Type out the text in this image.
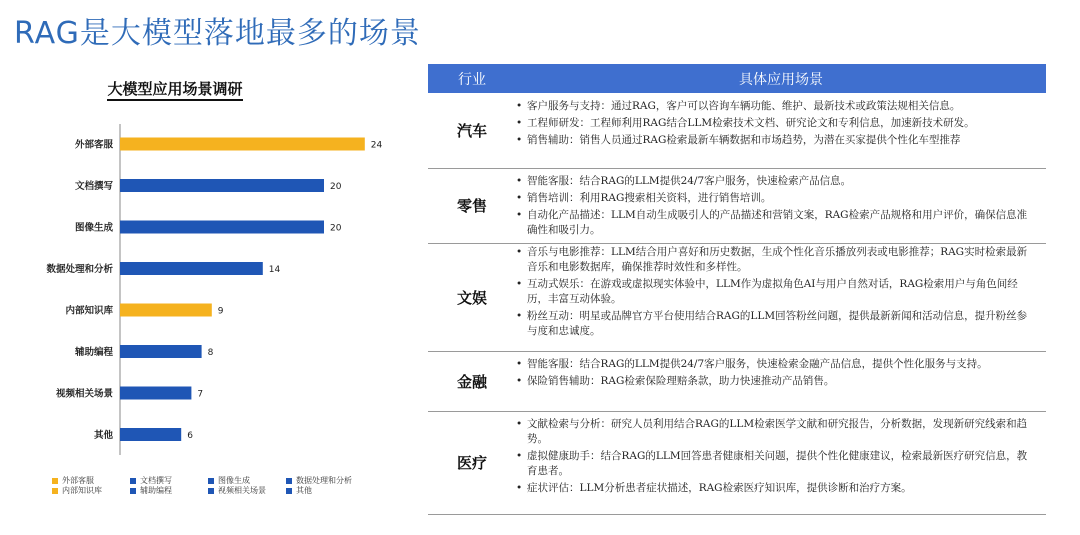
RAG是大模型落地最多的场景
大模型应用场景调研
外部客服	24
文档撰写	20
图像生成	20
数据处理和分析	14
内部知识库	9
辅助编程	8
视频相关场景	7
其他	6
外部客服	文档撰写	图像生成	数据处理和分析
内部知识库	辅助编程	视频相关场景	其他
行业	具体应用场景
汽车
• 客户服务与支持：通过RAG，客户可以咨询车辆功能、维护、最新技术或政策法规相关信息。
• 工程师研发：工程师利用RAG结合LLM检索技术文档、研究论文和专利信息，加速新技术研发。
• 销售辅助：销售人员通过RAG检索最新车辆数据和市场趋势，为潜在买家提供个性化车型推荐
零售
• 智能客服：结合RAG的LLM提供24/7客户服务，快速检索产品信息。
• 销售培训：利用RAG搜索相关资料，进行销售培训。
• 自动化产品描述：LLM自动生成吸引人的产品描述和营销文案，RAG检索产品规格和用户评价，确保信息准确性和吸引力。
文娱
• 音乐与电影推荐：LLM结合用户喜好和历史数据，生成个性化音乐播放列表或电影推荐；RAG实时检索最新音乐和电影数据库，确保推荐时效性和多样性。
• 互动式娱乐：在游戏或虚拟现实体验中，LLM作为虚拟角色AI与用户自然对话，RAG检索用户与角色间经历，丰富互动体验。
• 粉丝互动：明星或品牌官方平台使用结合RAG的LLM回答粉丝问题，提供最新新闻和活动信息，提升粉丝参与度和忠诚度。
金融
• 智能客服：结合RAG的LLM提供24/7客户服务，快速检索金融产品信息，提供个性化服务与支持。
• 保险销售辅助：RAG检索保险理赔条款，助力快速推动产品销售。
医疗
• 文献检索与分析：研究人员利用结合RAG的LLM检索医学文献和研究报告，分析数据，发现新研究线索和趋势。
• 虚拟健康助手：结合RAG的LLM回答患者健康相关问题，提供个性化健康建议，检索最新医疗研究信息，教育患者。
• 症状评估：LLM分析患者症状描述，RAG检索医疗知识库，提供诊断和治疗方案。
